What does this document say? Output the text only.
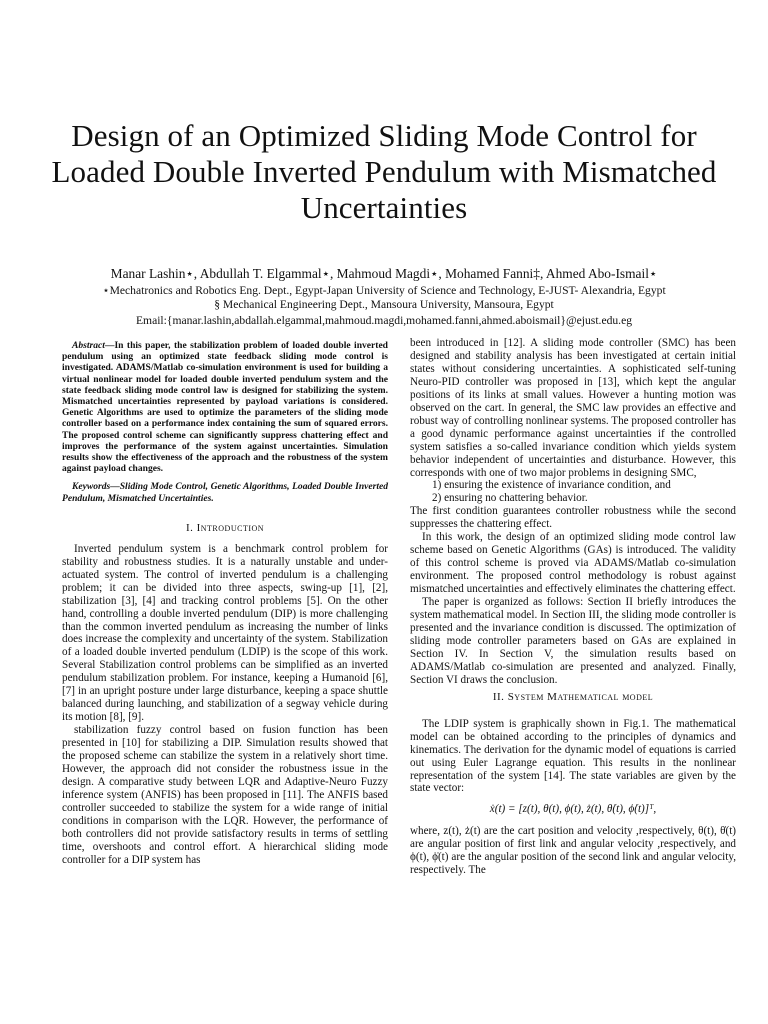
Design of an Optimized Sliding Mode Control for Loaded Double Inverted Pendulum with Mismatched Uncertainties
Manar Lashin⋆, Abdullah T. Elgammal⋆, Mahmoud Magdi⋆, Mohamed Fanni‡, Ahmed Abo-Ismail⋆
⋆Mechatronics and Robotics Eng. Dept., Egypt-Japan University of Science and Technology, E-JUST- Alexandria, Egypt
§ Mechanical Engineering Dept., Mansoura University, Mansoura, Egypt
Email:{manar.lashin,abdallah.elgammal,mahmoud.magdi,mohamed.fanni,ahmed.aboismail}@ejust.edu.eg

Abstract—In this paper, the stabilization problem of loaded double inverted pendulum using an optimized state feedback sliding mode control is investigated. ADAMS/Matlab co-simulation environment is used for building a virtual nonlinear model for loaded double inverted pendulum system and the state feedback sliding mode control law is designed for stabilizing the system. Mismatched uncertainties represented by payload variations is considered. Genetic Algorithms are used to optimize the parameters of the sliding mode controller based on a performance index containing the sum of squared errors. The proposed control scheme can significantly suppress chattering effect and improves the performance of the system against uncertainties. Simulation results show the effectiveness of the approach and the robustness of the system against payload changes.

Keywords—Sliding Mode Control, Genetic Algorithms, Loaded Double Inverted Pendulum, Mismatched Uncertainties.

I. Introduction

Inverted pendulum system is a benchmark control problem for stability and robustness studies. It is a naturally unstable and under-actuated system. The control of inverted pendulum is a challenging problem; it can be divided into three aspects, swing-up [1], [2], stabilization [3], [4] and tracking control problems [5]. On the other hand, controlling a double inverted pendulum (DIP) is more challenging than the common inverted pendulum as increasing the number of links does increase the complexity and uncertainty of the system. Stabilization of a loaded double inverted pendulum (LDIP) is the scope of this work. Several Stabilization control problems can be simplified as an inverted pendulum stabilization problem. For instance, keeping a Humanoid [6], [7] in an upright posture under large disturbance, keeping a space shuttle balanced during launching, and stabilization of a segway vehicle during its motion [8], [9].

stabilization fuzzy control based on fusion function has been presented in [10] for stabilizing a DIP. Simulation results showed that the proposed scheme can stabilize the system in a relatively short time. However, the approach did not consider the robustness issue in the design. A comparative study between LQR and Adaptive-Neuro Fuzzy inference system (ANFIS) has been proposed in [11]. The ANFIS based controller succeeded to stabilize the system for a wide range of initial conditions in comparison with the LQR. However, the performance of both controllers did not provide satisfactory results in terms of settling time, overshoots and control effort. A hierarchical sliding mode controller for a DIP system has

been introduced in [12]. A sliding mode controller (SMC) has been designed and stability analysis has been investigated at certain initial states without considering uncertainties. A sophisticated self-tuning Neuro-PID controller was proposed in [13], which kept the angular positions of its links at small values. However a hunting motion was observed on the cart. In general, the SMC law provides an effective and robust way of controlling nonlinear systems. The proposed controller has a good dynamic performance against uncertainties if the controlled system satisfies a so-called invariance condition which yields system behavior independent of uncertainties and disturbance. However, this corresponds with one of two major problems in designing SMC,

1) ensuring the existence of invariance condition, and

2) ensuring no chattering behavior.

The first condition guarantees controller robustness while the second suppresses the chattering effect.

In this work, the design of an optimized sliding mode control law scheme based on Genetic Algorithms (GAs) is introduced. The validity of this control scheme is proved via ADAMS/Matlab co-simulation environment. The proposed control methodology is robust against mismatched uncertainties and effectively eliminates the chattering effect.

The paper is organized as follows: Section II briefly introduces the system mathematical model. In Section III, the sliding mode controller is presented and the invariance condition is discussed. The optimization of sliding mode controller parameters based on GAs are explained in Section IV. In Section V, the simulation results based on ADAMS/Matlab co-simulation are presented and analyzed. Finally, Section VI draws the conclusion.

II. System Mathematical model

The LDIP system is graphically shown in Fig.1. The mathematical model can be obtained according to the principles of dynamics and kinematics. The derivation for the dynamic model of equations is carried out using Euler Lagrange equation. This results in the nonlinear representation of the system [14]. The state variables are given by the state vector:

ẋ(t) = [z(t), θ(t), ϕ(t), ż(t), θ̇(t), ϕ̇(t)]ᵀ,

where, z(t), ż(t) are the cart position and velocity ,respectively, θ(t), θ̇(t) are angular position of first link and angular velocity ,respectively, and ϕ(t), ϕ̇(t) are the angular position of the second link and angular velocity, respectively. The
